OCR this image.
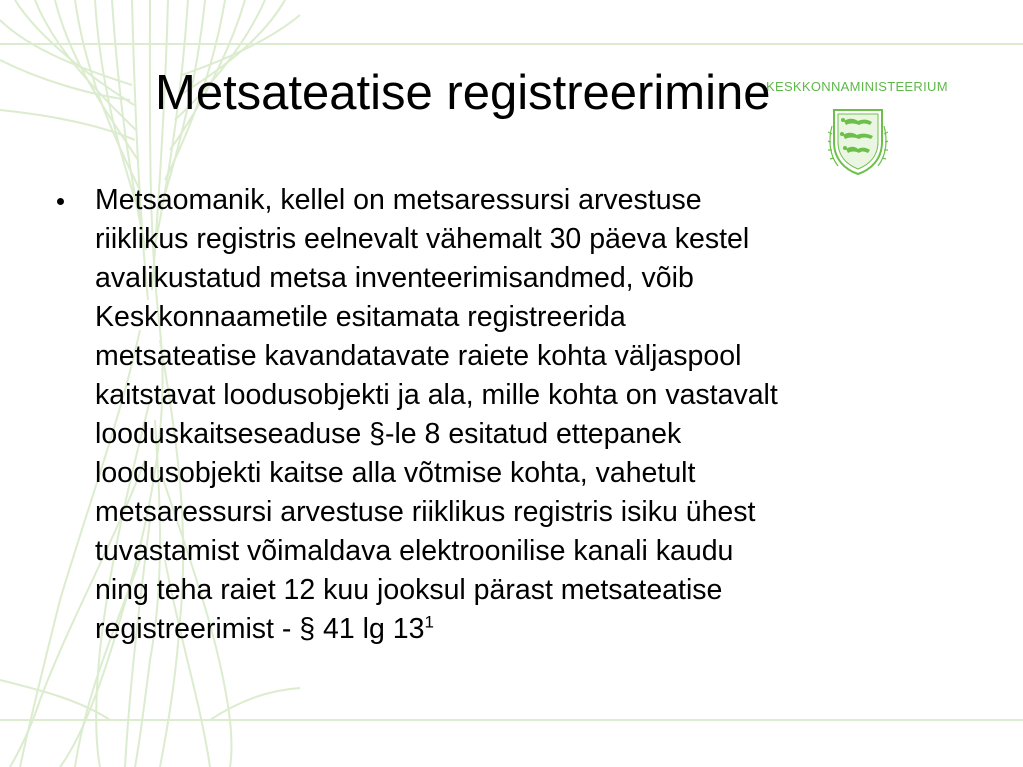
KESKKONNAMINISTEERIUM
Metsateatise registreerimine
Metsaomanik, kellel on metsaressursi arvestuse
riiklikus registris eelnevalt vähemalt 30 päeva kestel
avalikustatud metsa inventeerimisandmed, võib
Keskkonnaametile esitamata registreerida
metsateatise kavandatavate raiete kohta väljaspool
kaitstavat loodusobjekti ja ala, mille kohta on vastavalt
looduskaitseseaduse §-le 8 esitatud ettepanek
loodusobjekti kaitse alla võtmise kohta, vahetult
metsaressursi arvestuse riiklikus registris isiku ühest
tuvastamist võimaldava elektroonilise kanali kaudu
ning teha raiet 12 kuu jooksul pärast metsateatise
registreerimist - § 41 $\lg 13^1$
